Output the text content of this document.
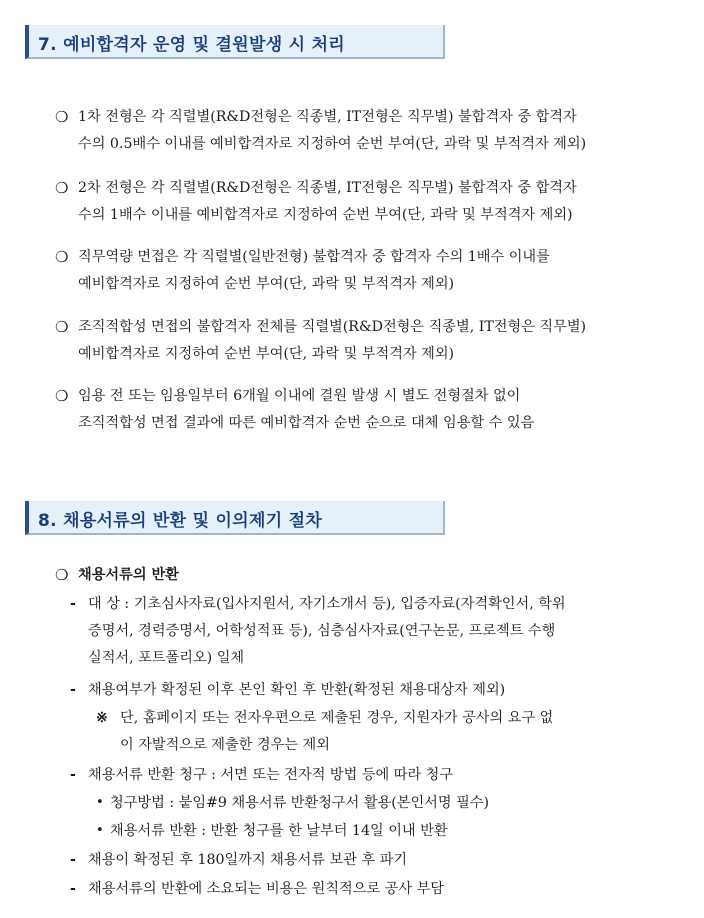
7. 예비합격자 운영 및 결원발생 시 처리
❍ 1차 전형은 각 직렬별(R&D전형은 직종별, IT전형은 직무별) 불합격자 중 합격자
수의 0.5배수 이내를 예비합격자로 지정하여 순번 부여(단, 과락 및 부적격자 제외)
❍ 2차 전형은 각 직렬별(R&D전형은 직종별, IT전형은 직무별) 불합격자 중 합격자
수의 1배수 이내를 예비합격자로 지정하여 순번 부여(단, 과락 및 부적격자 제외)
❍ 직무역량 면접은 각 직렬별(일반전형) 불합격자 중 합격자 수의 1배수 이내를
예비합격자로 지정하여 순번 부여(단, 과락 및 부적격자 제외)
❍ 조직적합성 면접의 불합격자 전체를 직렬별(R&D전형은 직종별, IT전형은 직무별)
예비합격자로 지정하여 순번 부여(단, 과락 및 부적격자 제외)
❍ 임용 전 또는 임용일부터 6개월 이내에 결원 발생 시 별도 전형절차 없이
조직적합성 면접 결과에 따른 예비합격자 순번 순으로 대체 임용할 수 있음
8. 채용서류의 반환 및 이의제기 절차
❍ 채용서류의 반환
- 대 상 : 기초심사자료(입사지원서, 자기소개서 등), 입증자료(자격확인서, 학위
증명서, 경력증명서, 어학성적표 등), 심층심사자료(연구논문, 프로젝트 수행
실적서, 포트폴리오) 일체
- 채용여부가 확정된 이후 본인 확인 후 반환(확정된 채용대상자 제외)
※ 단, 홈페이지 또는 전자우편으로 제출된 경우, 지원자가 공사의 요구 없
이 자발적으로 제출한 경우는 제외
- 채용서류 반환 청구 : 서면 또는 전자적 방법 등에 따라 청구
• 청구방법 : 붙임#9 채용서류 반환청구서 활용(본인서명 필수)
• 채용서류 반환 : 반환 청구를 한 날부터 14일 이내 반환
- 채용이 확정된 후 180일까지 채용서류 보관 후 파기
- 채용서류의 반환에 소요되는 비용은 원칙적으로 공사 부담
